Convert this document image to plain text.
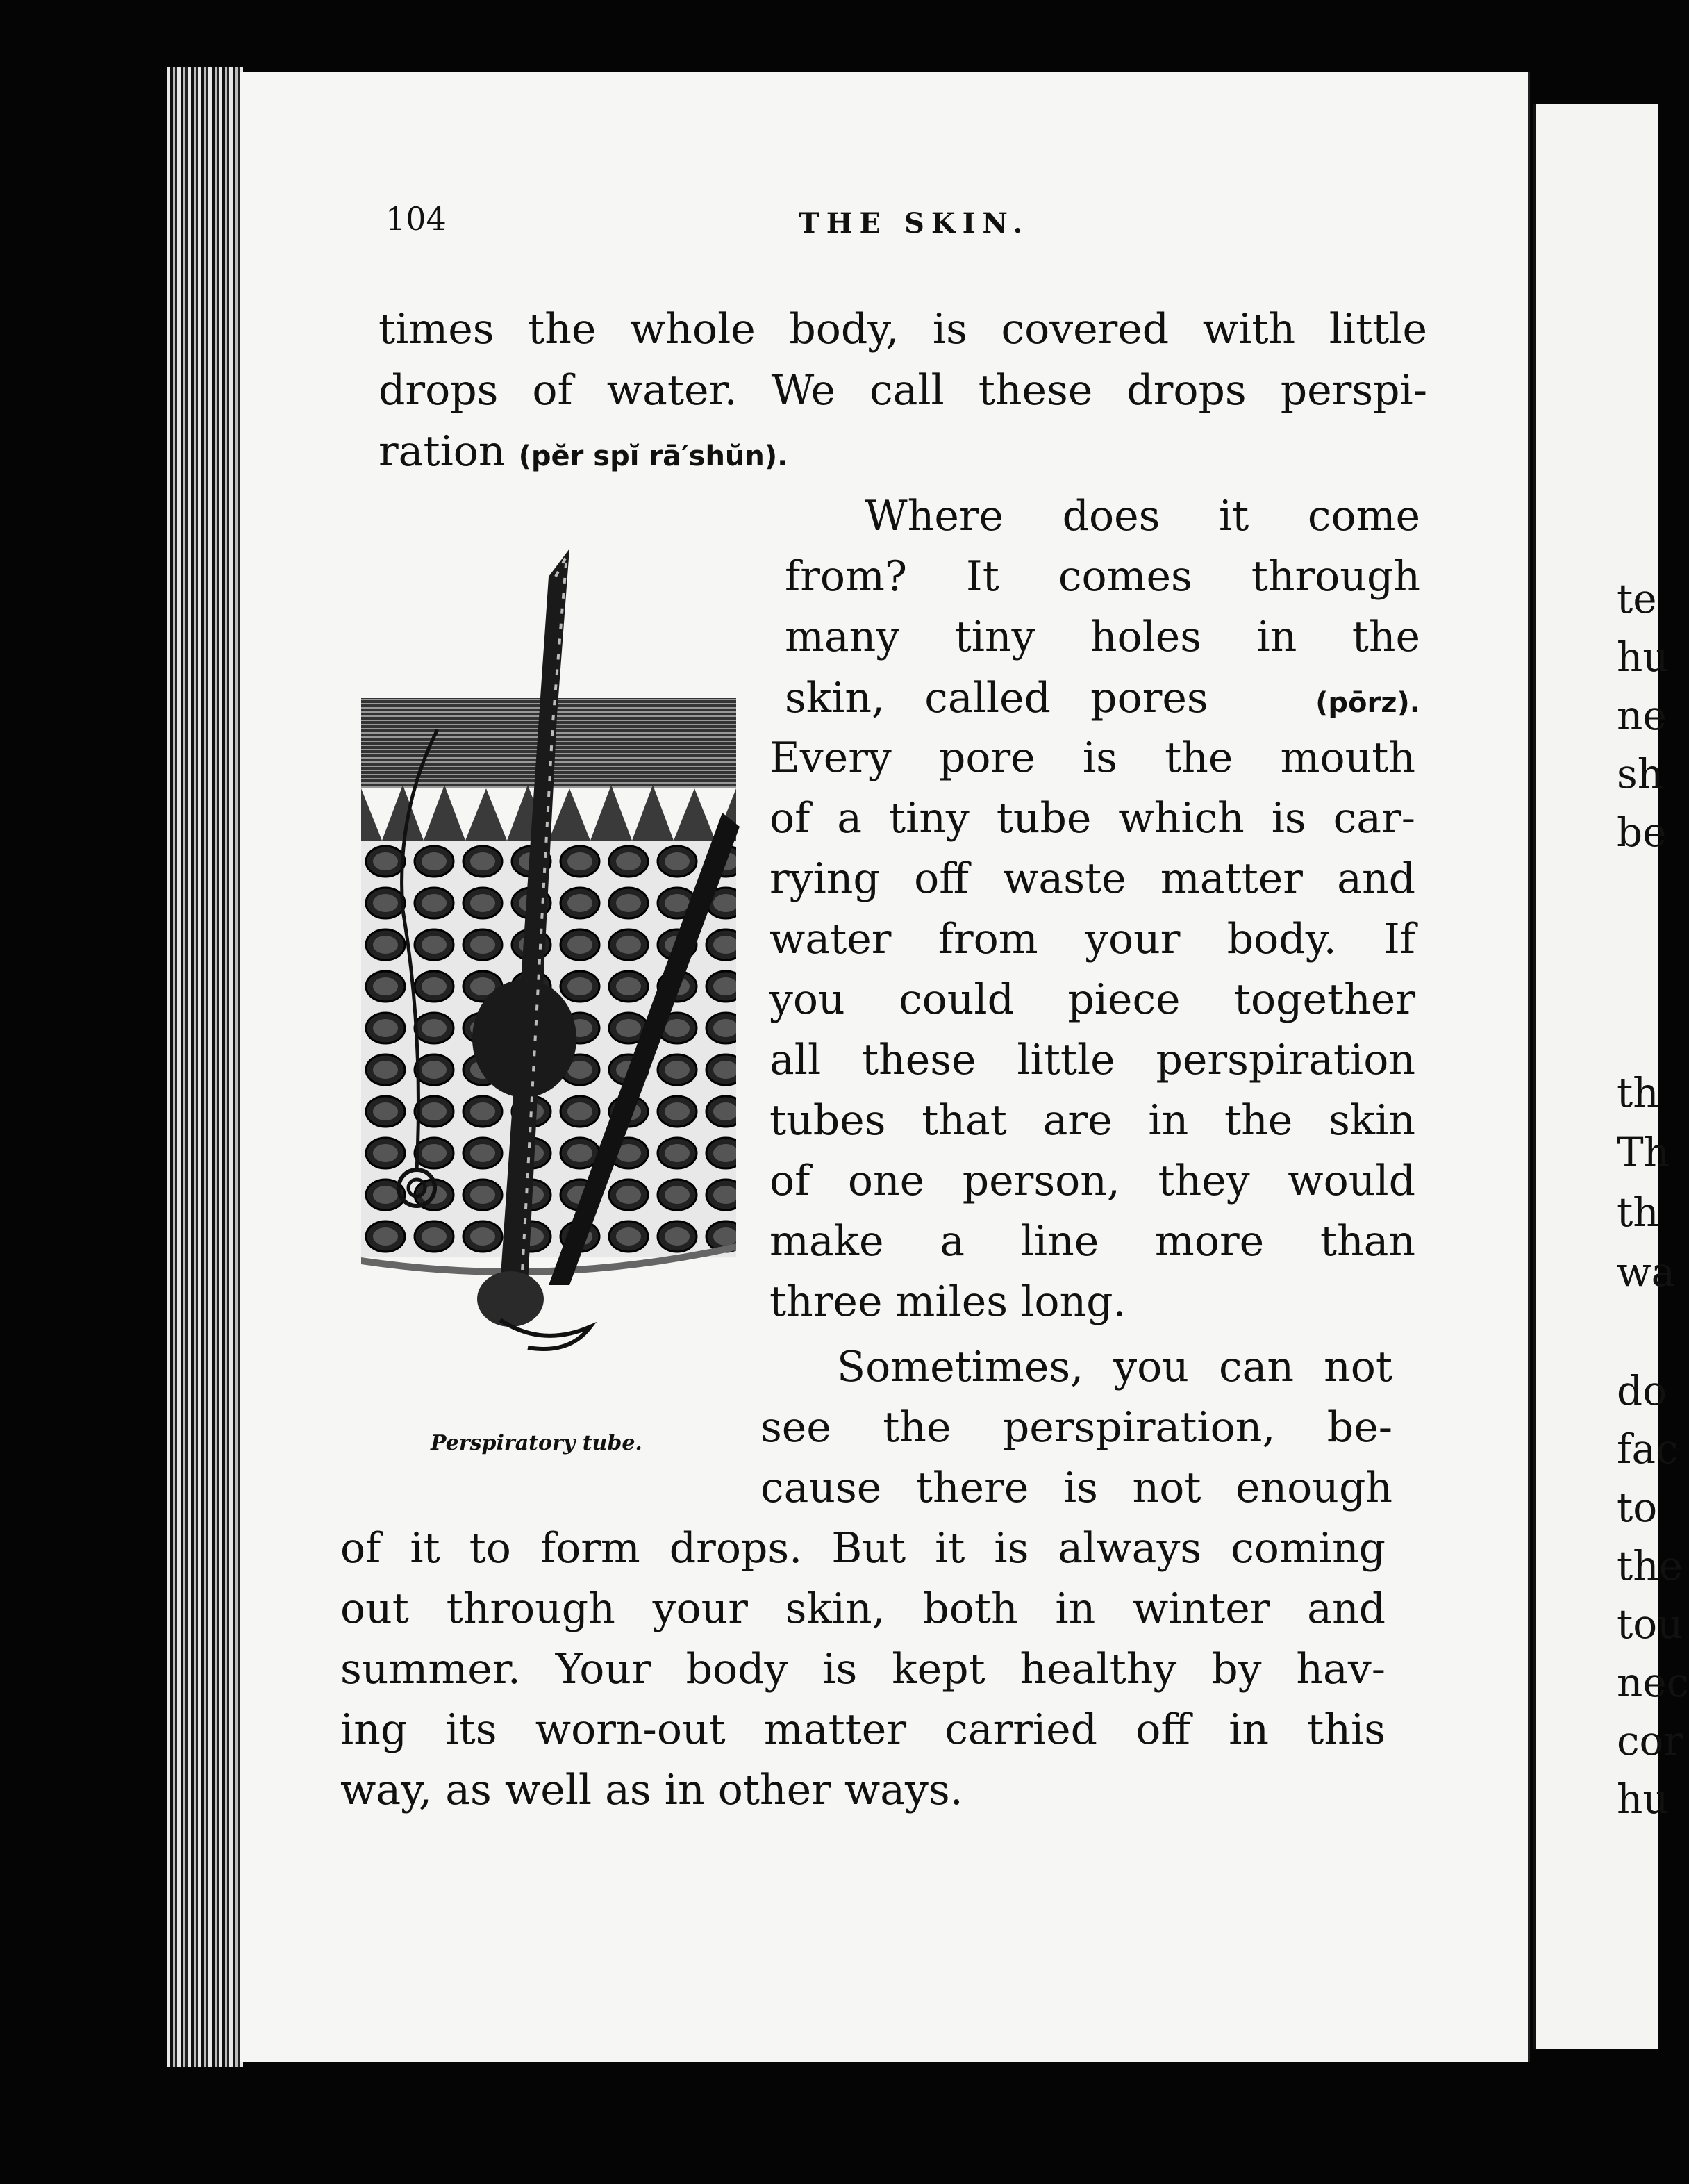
104	THE SKIN.
times the whole body, is covered with little
drops of water. We call these drops perspi-
ration (pĕr spĭ rā′shŭn).
Perspiratory tube.
Where does it come
from? It comes through
many tiny holes in the
skin,   called   pores	(pōrz).
Every pore is the mouth
of a tiny tube which is car-
rying off waste matter and
water from your body. If
you could piece together
all these little perspiration
tubes that are in the skin
of one person, they would
make a line more than
three miles long.
Sometimes, you can not
see the perspiration, be-
cause there is not enough
of it to form drops. But it is always coming
out through your skin, both in winter and
summer. Your body is kept healthy by hav-
ing its worn-out matter carried off in this
way, as well as in other ways.
te
hu
ne
sh
be
th
Th
th
wa
do
fac
to
the
tou
nec
cor
hu
